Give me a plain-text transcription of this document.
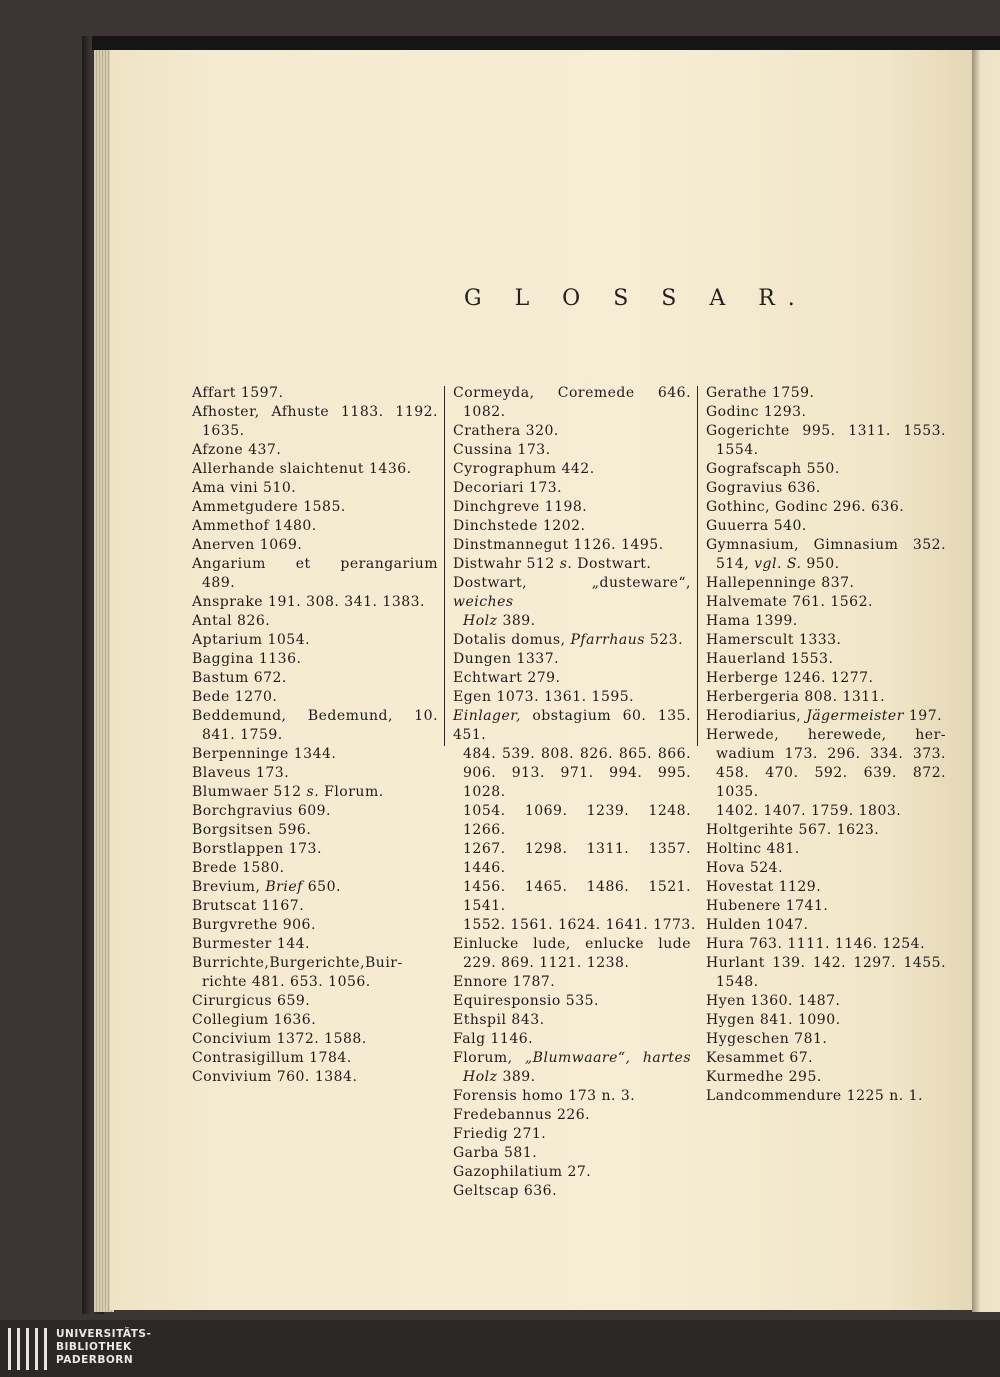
G L O S S A R.
Affart 1597.
Afhoster, Afhuste 1183. 1192.
1635.
Afzone 437.
Allerhande slaichtenut 1436.
Ama vini 510.
Ammetgudere 1585.
Ammethof 1480.
Anerven 1069.
Angarium et perangarium
489.
Ansprake 191. 308. 341. 1383.
Antal 826.
Aptarium 1054.
Baggina 1136.
Bastum 672.
Bede 1270.
Beddemund, Bedemund, 10.
841. 1759.
Berpenninge 1344.
Blaveus 173.
Blumwaer 512 s. Florum.
Borchgravius 609.
Borgsitsen 596.
Borstlappen 173.
Brede 1580.
Brevium, Brief 650.
Brutscat 1167.
Burgvrethe 906.
Burmester 144.
Burrichte,Burgerichte,Buir-
richte 481. 653. 1056.
Cirurgicus 659.
Collegium 1636.
Concivium 1372. 1588.
Contrasigillum 1784.
Convivium 760. 1384.
Cormeyda, Coremede 646.
1082.
Crathera 320.
Cussina 173.
Cyrographum 442.
Decoriari 173.
Dinchgreve 1198.
Dinchstede 1202.
Dinstmannegut 1126. 1495.
Distwahr 512 s. Dostwart.
Dostwart,	„dusteware“, weiches
Holz 389.
Dotalis domus, Pfarrhaus 523.
Dungen 1337.
Echtwart 279.
Egen 1073. 1361. 1595.
Einlager, obstagium 60. 135. 451.
484. 539. 808. 826. 865. 866.
906. 913. 971. 994. 995. 1028.
1054. 1069. 1239. 1248. 1266.
1267. 1298. 1311. 1357. 1446.
1456. 1465. 1486. 1521. 1541.
1552. 1561. 1624. 1641. 1773.
Einlucke lude, enlucke lude
229. 869. 1121. 1238.
Ennore 1787.
Equiresponsio 535.
Ethspil 843.
Falg 1146.
Florum, „Blumwaare“, hartes
Holz 389.
Forensis homo 173 n. 3.
Fredebannus 226.
Friedig 271.
Garba 581.
Gazophilatium 27.
Geltscap 636.
Gerathe 1759.
Godinc 1293.
Gogerichte 995. 1311. 1553.
1554.
Gografscaph 550.
Gogravius 636.
Gothinc, Godinc 296. 636.
Guuerra 540.
Gymnasium, Gimnasium 352.
514, vgl. S. 950.
Hallepenninge 837.
Halvemate 761. 1562.
Hama 1399.
Hamerscult 1333.
Hauerland 1553.
Herberge 1246. 1277.
Herbergeria 808. 1311.
Herodiarius, Jägermeister 197.
Herwede, herewede, her-
wadium 173. 296. 334. 373.
458. 470. 592. 639. 872. 1035.
1402. 1407. 1759. 1803.
Holtgerihte 567. 1623.
Holtinc 481.
Hova 524.
Hovestat 1129.
Hubenere 1741.
Hulden 1047.
Hura 763. 1111. 1146. 1254.
Hurlant 139. 142. 1297. 1455.
1548.
Hyen 1360. 1487.
Hygen 841. 1090.
Hygeschen 781.
Kesammet 67.
Kurmedhe 295.
Landcommendure 1225 n. 1.
UNIVERSITÄTS-
BIBLIOTHEK
PADERBORN
